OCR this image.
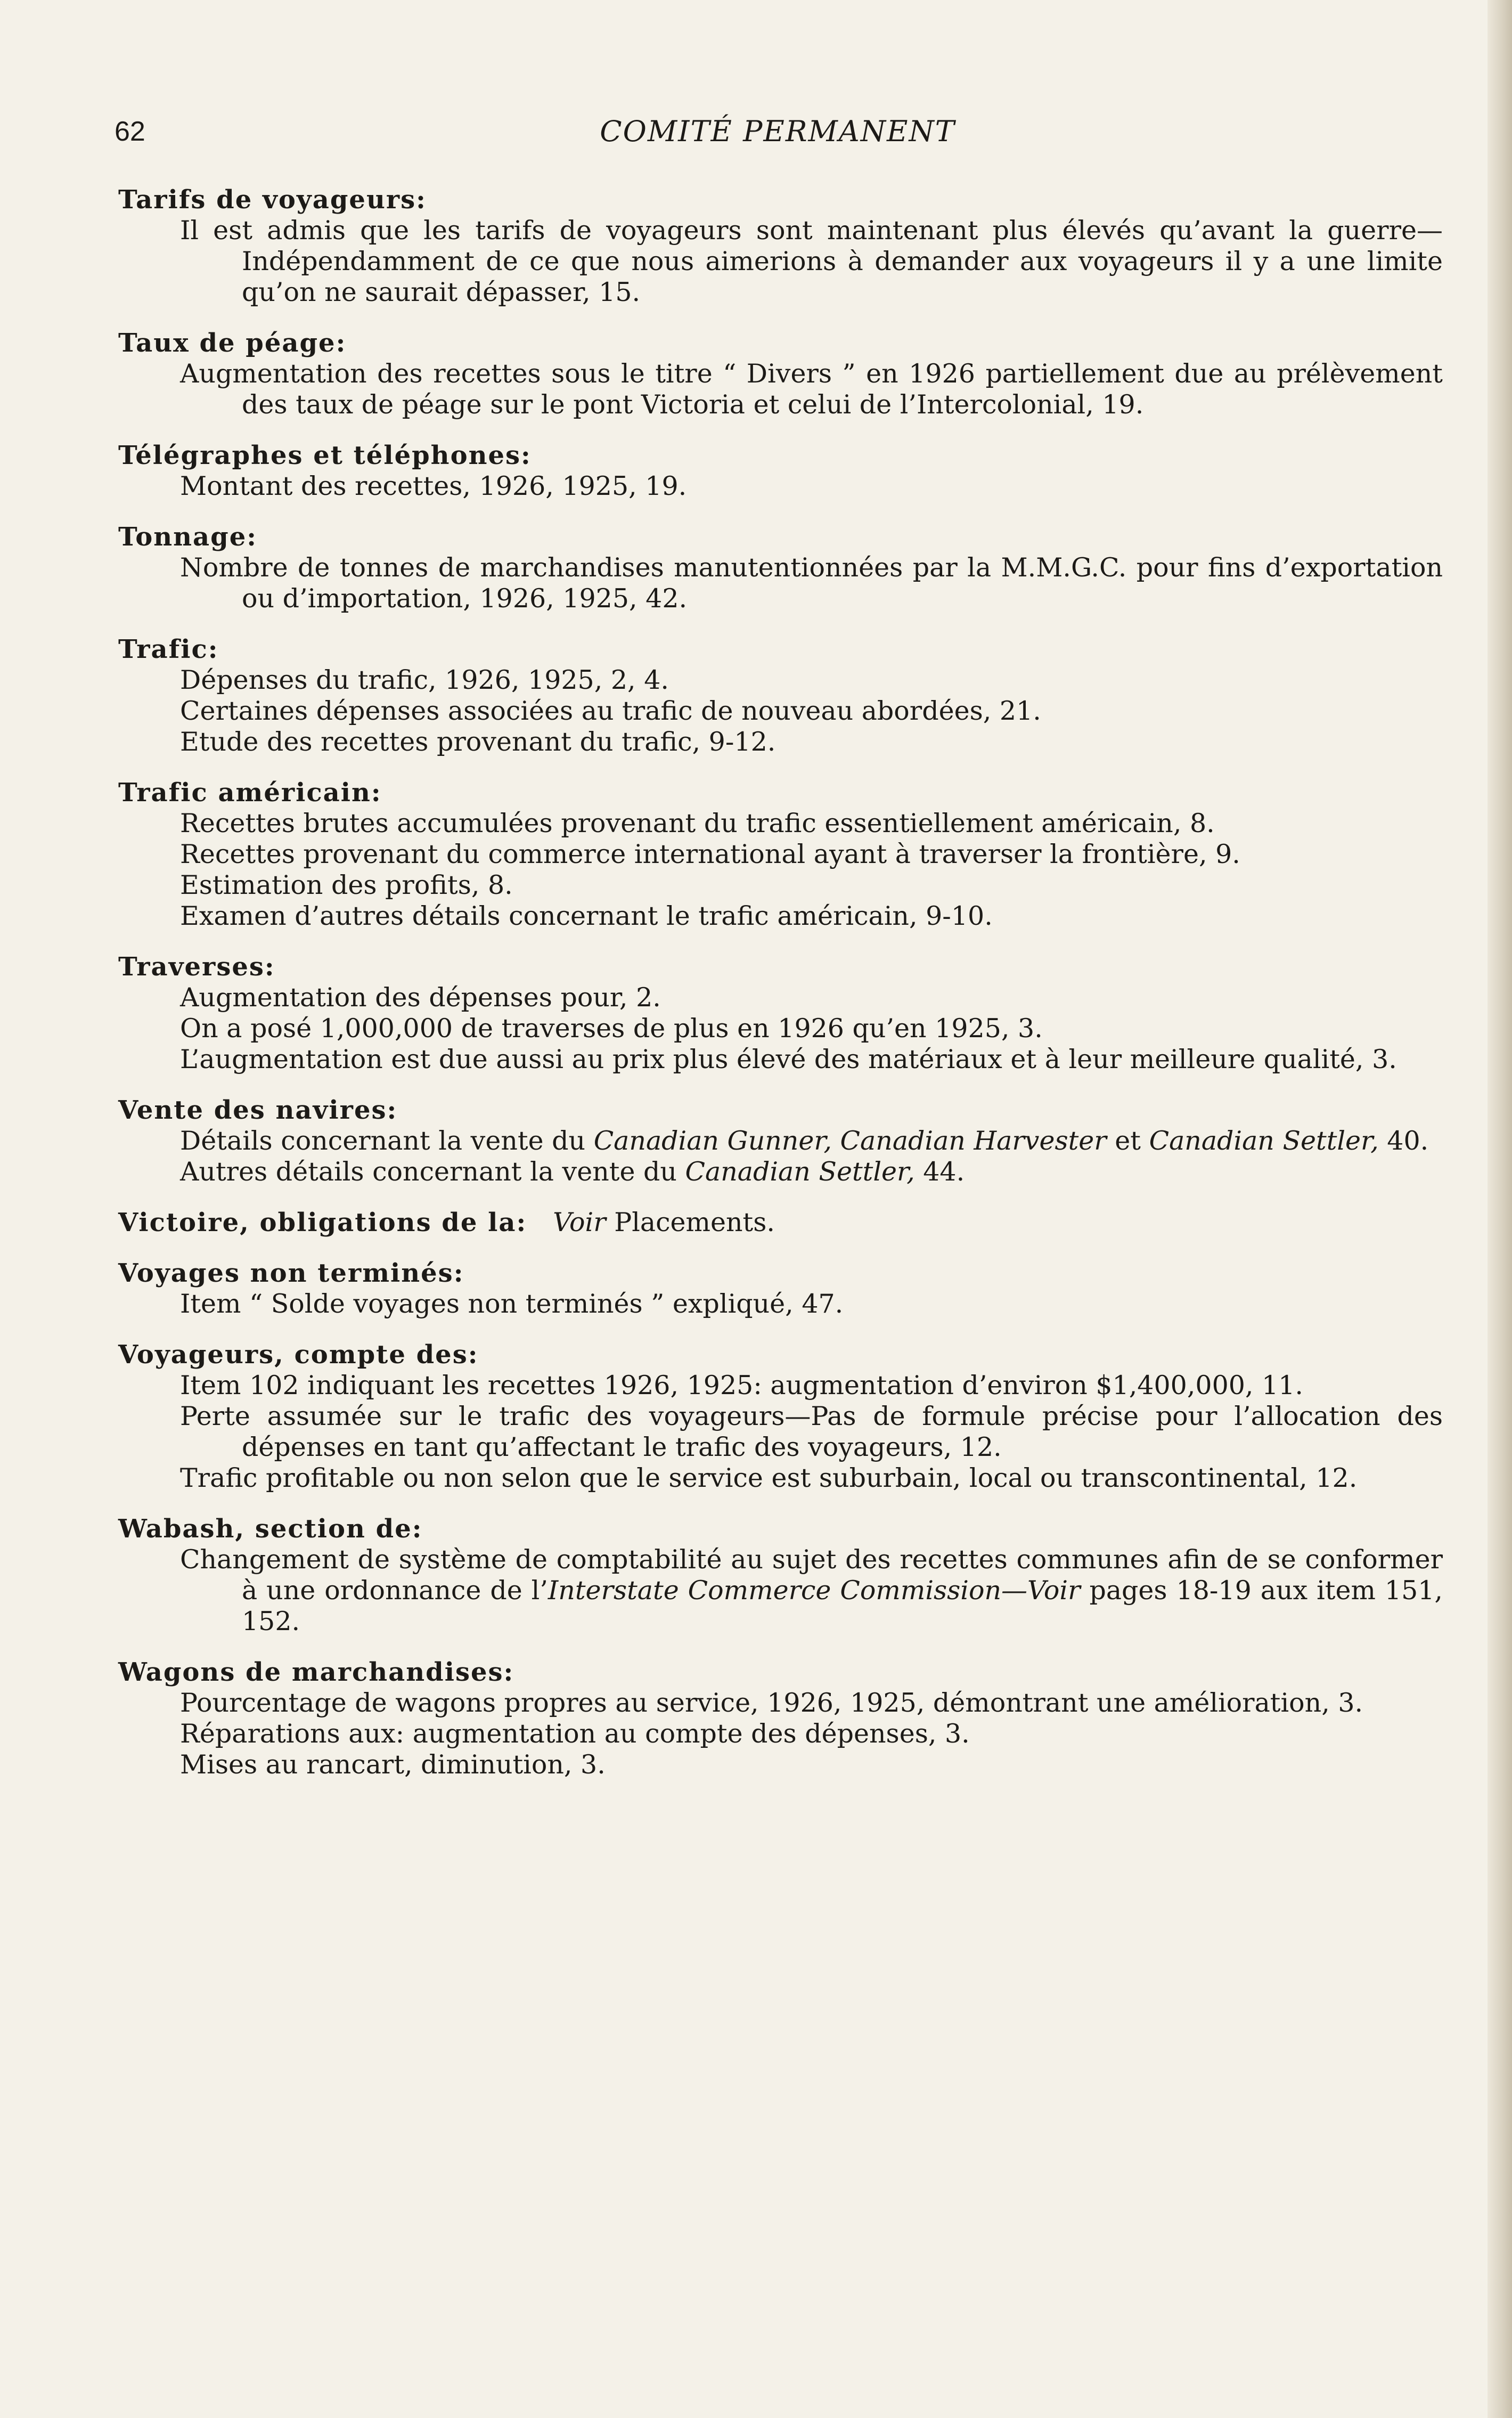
62	COMITÉ PERMANENT
Tarifs de voyageurs:
Il est admis que les tarifs de voyageurs sont maintenant plus élevés qu’avant la guerre—Indépendamment de ce que nous aimerions à demander aux voyageurs il y a une limite qu’on ne saurait dépasser, 15.
Taux de péage:
Augmentation des recettes sous le titre “ Divers ” en 1926 partiellement due au prélèvement des taux de péage sur le pont Victoria et celui de l’Intercolonial, 19.
Télégraphes et téléphones:
Montant des recettes, 1926, 1925, 19.
Tonnage:
Nombre de tonnes de marchandises manutentionnées par la M.M.G.C. pour fins d’exportation ou d’importation, 1926, 1925, 42.
Trafic:
Dépenses du trafic, 1926, 1925, 2, 4.
Certaines dépenses associées au trafic de nouveau abordées, 21.
Etude des recettes provenant du trafic, 9-12.
Trafic américain:
Recettes brutes accumulées provenant du trafic essentiellement américain, 8.
Recettes provenant du commerce international ayant à traverser la frontière, 9.
Estimation des profits, 8.
Examen d’autres détails concernant le trafic américain, 9-10.
Traverses:
Augmentation des dépenses pour, 2.
On a posé 1,000,000 de traverses de plus en 1926 qu’en 1925, 3.
L’augmentation est due aussi au prix plus élevé des matériaux et à leur meilleure qualité, 3.
Vente des navires:
Détails concernant la vente du Canadian Gunner, Canadian Harvester et Canadian Settler, 40.
Autres détails concernant la vente du Canadian Settler, 44.
Victoire, obligations de la:  Voir Placements.
Voyages non terminés:
Item “ Solde voyages non terminés ” expliqué, 47.
Voyageurs, compte des:
Item 102 indiquant les recettes 1926, 1925: augmentation d’environ $1,400,000, 11.
Perte assumée sur le trafic des voyageurs—Pas de formule précise pour l’allocation des dépenses en tant qu’affectant le trafic des voyageurs, 12.
Trafic profitable ou non selon que le service est suburbain, local ou transcontinental, 12.
Wabash, section de:
Changement de système de comptabilité au sujet des recettes communes afin de se conformer à une ordonnance de l’Interstate Commerce Commission—Voir pages 18-19 aux item 151, 152.
Wagons de marchandises:
Pourcentage de wagons propres au service, 1926, 1925, démontrant une amélioration, 3.
Réparations aux: augmentation au compte des dépenses, 3.
Mises au rancart, diminution, 3.
